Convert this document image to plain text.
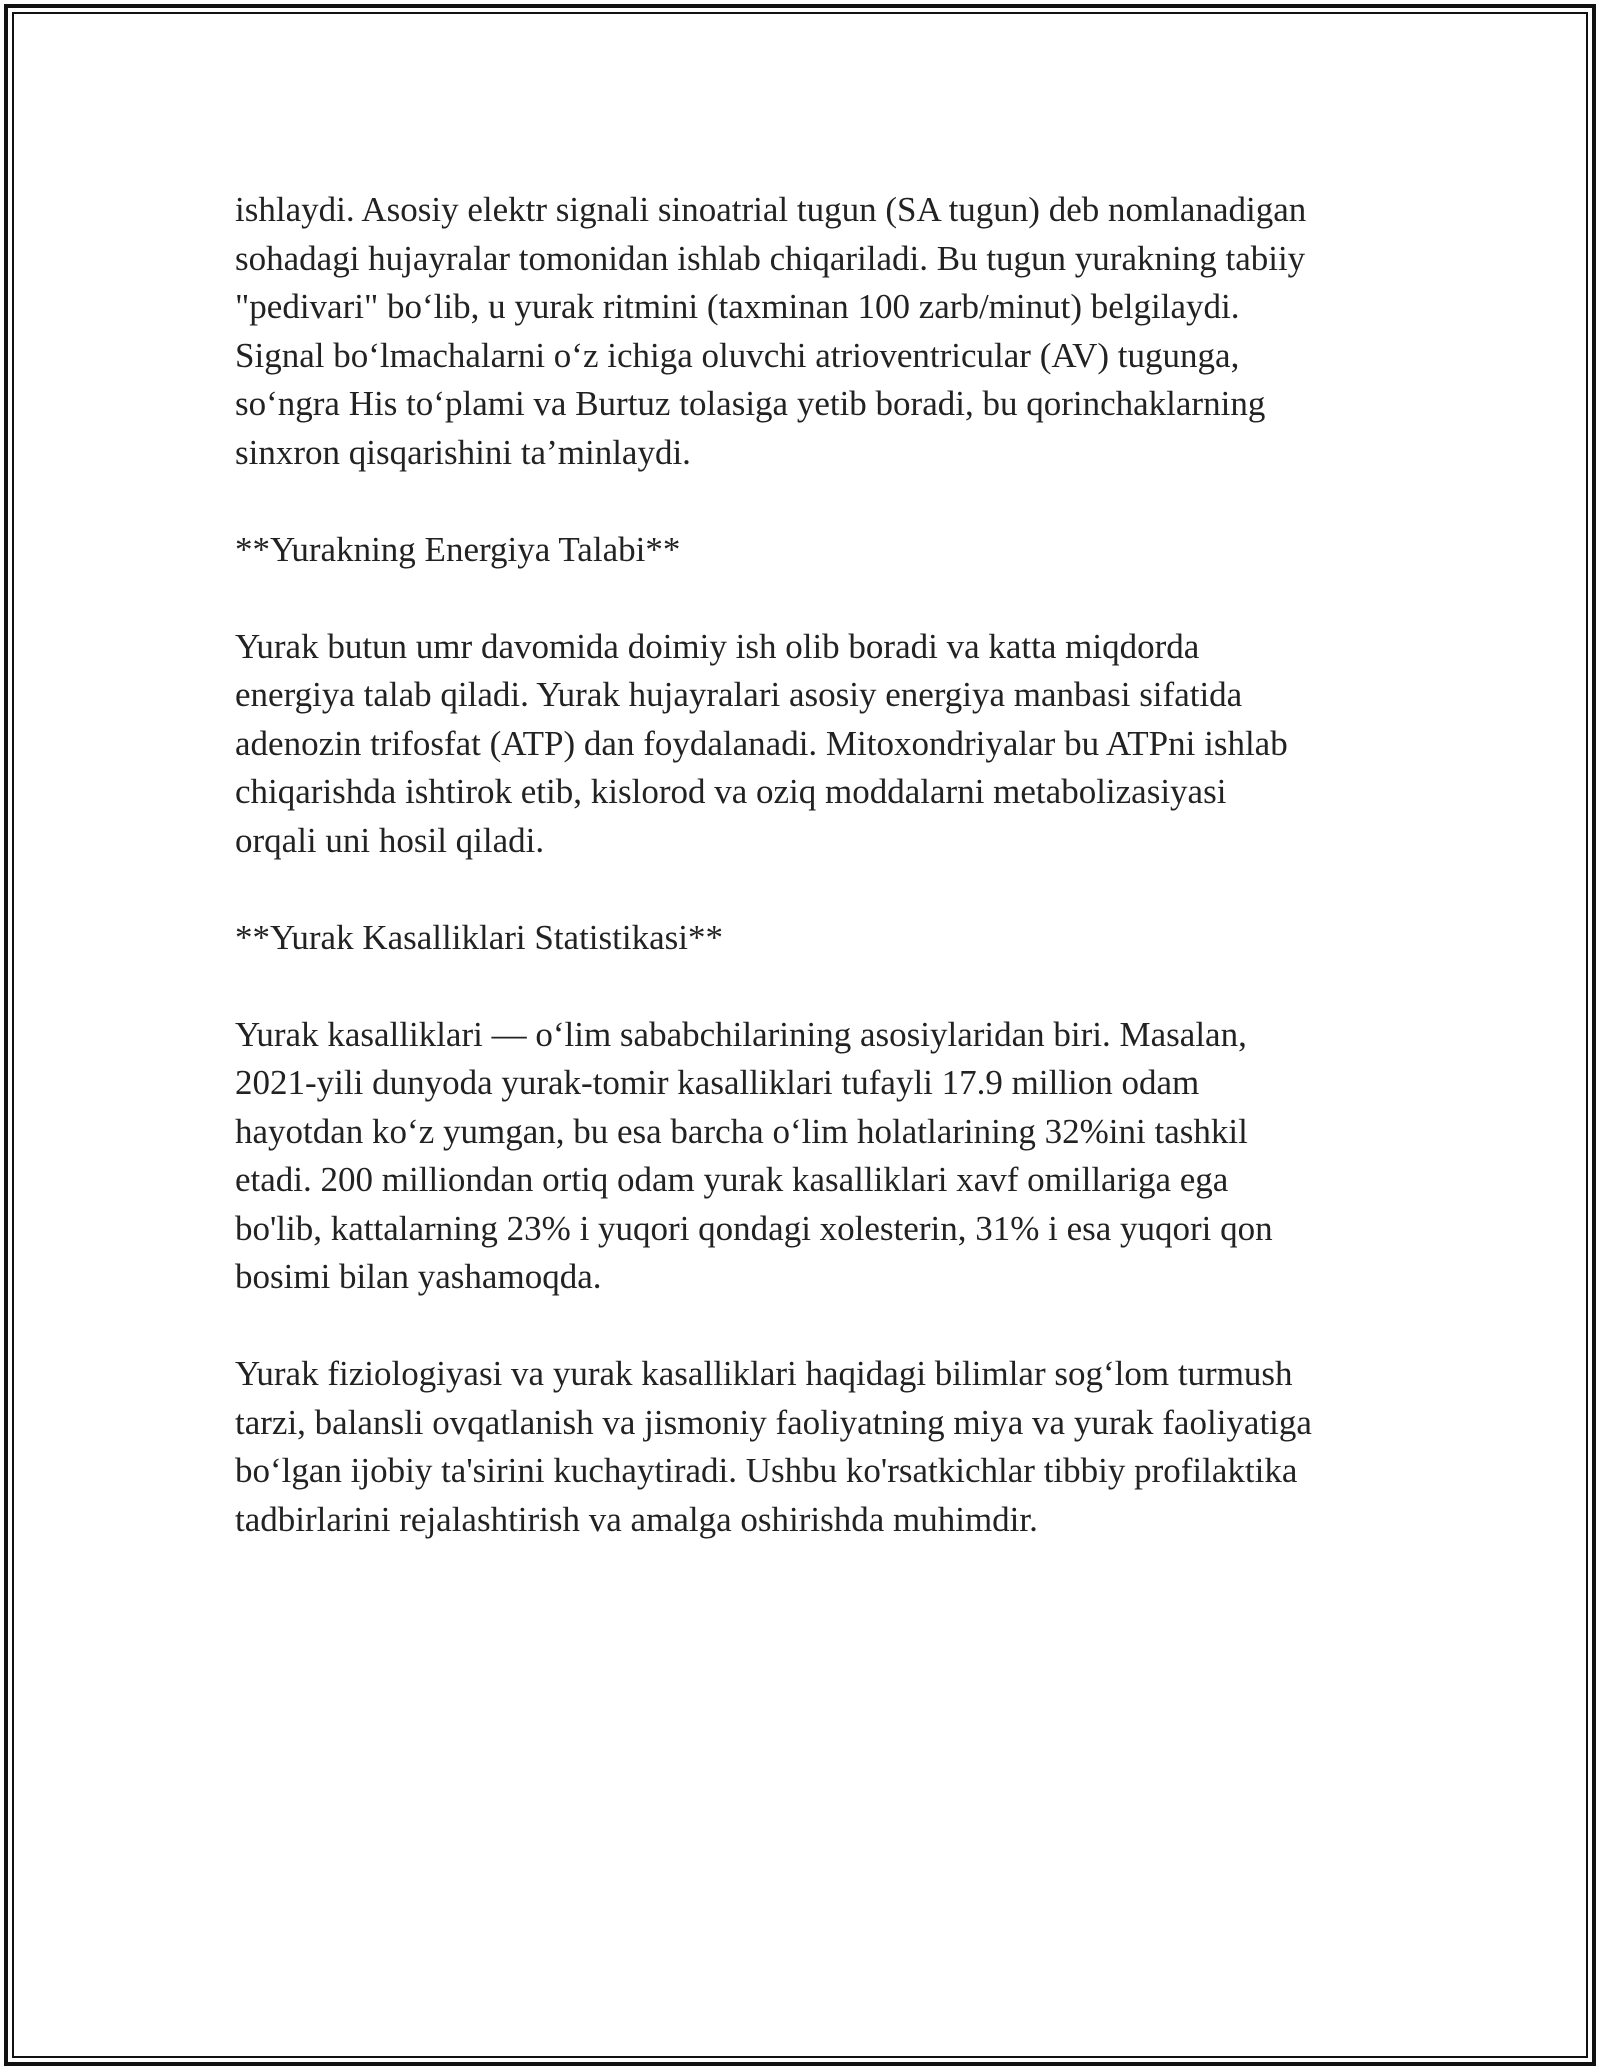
ishlaydi. Asosiy elektr signali sinoatrial tugun (SA tugun) deb nomlanadigan
sohadagi hujayralar tomonidan ishlab chiqariladi. Bu tugun yurakning tabiiy
"pedivari" bo‘lib, u yurak ritmini (taxminan 100 zarb/minut) belgilaydi.
Signal bo‘lmachalarni o‘z ichiga oluvchi atrioventricular (AV) tugunga,
so‘ngra His to‘plami va Burtuz tolasiga yetib boradi, bu qorinchaklarning
sinxron qisqarishini ta’minlaydi.

**Yurakning Energiya Talabi**

Yurak butun umr davomida doimiy ish olib boradi va katta miqdorda
energiya talab qiladi. Yurak hujayralari asosiy energiya manbasi sifatida
adenozin trifosfat (ATP) dan foydalanadi. Mitoxondriyalar bu ATPni ishlab
chiqarishda ishtirok etib, kislorod va oziq moddalarni metabolizasiyasi
orqali uni hosil qiladi.

**Yurak Kasalliklari Statistikasi**

Yurak kasalliklari — o‘lim sababchilarining asosiylaridan biri. Masalan,
2021-yili dunyoda yurak-tomir kasalliklari tufayli 17.9 million odam
hayotdan ko‘z yumgan, bu esa barcha o‘lim holatlarining 32%ini tashkil
etadi. 200 milliondan ortiq odam yurak kasalliklari xavf omillariga ega
bo'lib, kattalarning 23% i yuqori qondagi xolesterin, 31% i esa yuqori qon
bosimi bilan yashamoqda.

Yurak fiziologiyasi va yurak kasalliklari haqidagi bilimlar sog‘lom turmush
tarzi, balansli ovqatlanish va jismoniy faoliyatning miya va yurak faoliyatiga
bo‘lgan ijobiy ta'sirini kuchaytiradi. Ushbu ko'rsatkichlar tibbiy profilaktika
tadbirlarini rejalashtirish va amalga oshirishda muhimdir.
